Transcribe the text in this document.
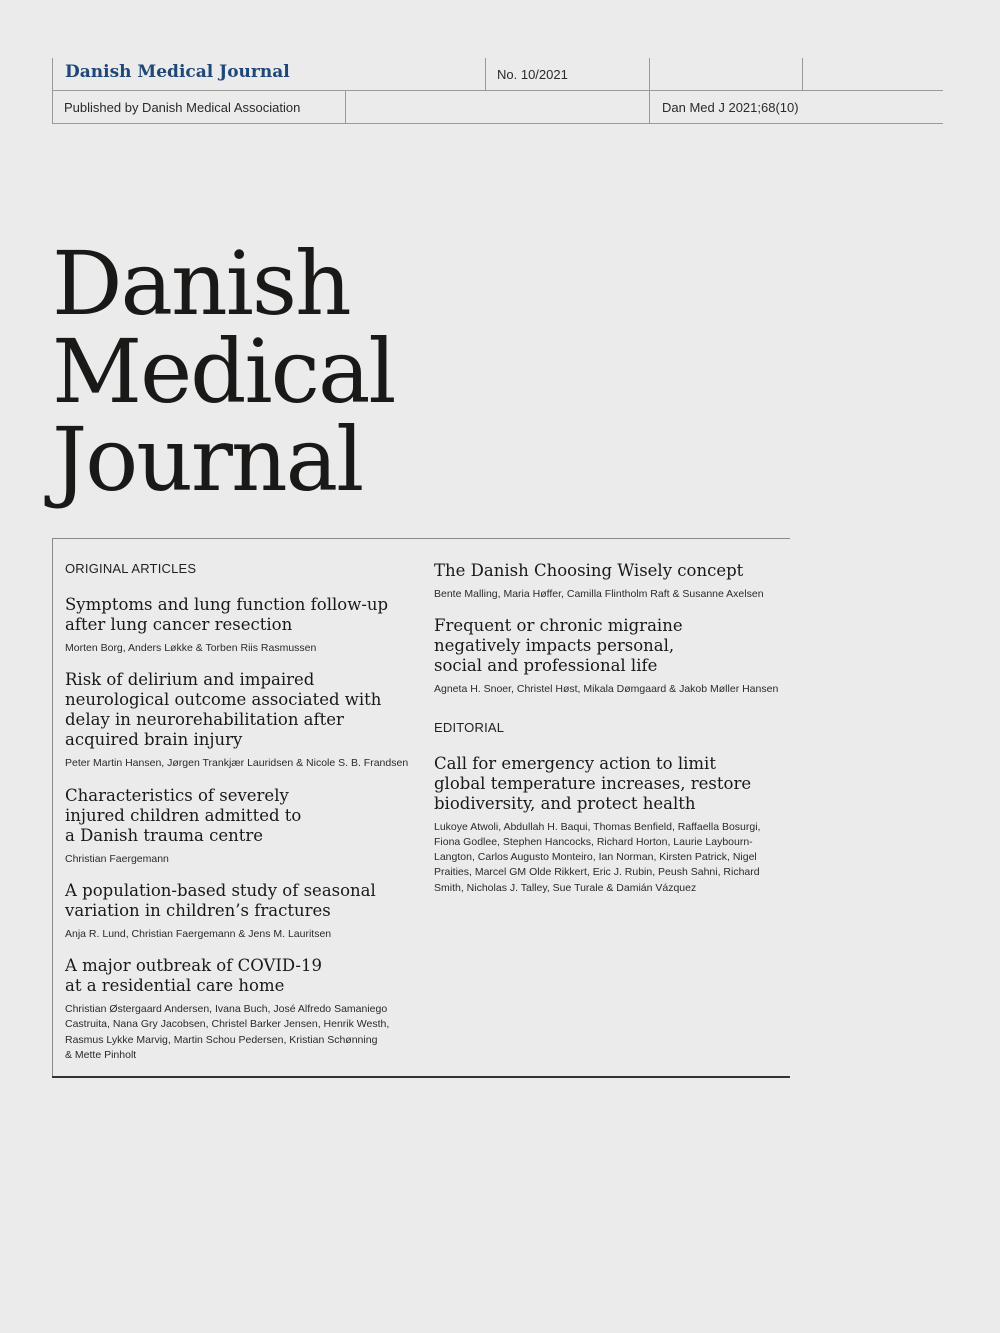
Danish Medical Journal	No. 10/2021
Published by Danish Medical Association	Dan Med J 2021;68(10)
Danish
Medical
Journal
ORIGINAL ARTICLES
Symptoms and lung function follow-up
after lung cancer resection
Morten Borg, Anders Løkke & Torben Riis Rasmussen
Risk of delirium and impaired
neurological outcome associated with
delay in neurorehabilitation after
acquired brain injury
Peter Martin Hansen, Jørgen Trankjær Lauridsen & Nicole S. B. Frandsen
Characteristics of severely
injured children admitted to
a Danish trauma centre
Christian Faergemann
A population-based study of seasonal
variation in children’s fractures
Anja R. Lund, Christian Faergemann & Jens M. Lauritsen
A major outbreak of COVID-19
at a residential care home
Christian Østergaard Andersen, Ivana Buch, José Alfredo Samaniego
Castruita, Nana Gry Jacobsen, Christel Barker Jensen, Henrik Westh,
Rasmus Lykke Marvig, Martin Schou Pedersen, Kristian Schønning
& Mette Pinholt
The Danish Choosing Wisely concept
Bente Malling, Maria Høffer, Camilla Flintholm Raft & Susanne Axelsen
Frequent or chronic migraine
negatively impacts personal,
social and professional life
Agneta H. Snoer, Christel Høst, Mikala Dømgaard & Jakob Møller Hansen
EDITORIAL
Call for emergency action to limit
global temperature increases, restore
biodiversity, and protect health
Lukoye Atwoli, Abdullah H. Baqui, Thomas Benfield, Raffaella Bosurgi,
Fiona Godlee, Stephen Hancocks, Richard Horton, Laurie Laybourn-
Langton, Carlos Augusto Monteiro, Ian Norman, Kirsten Patrick, Nigel
Praities, Marcel GM Olde Rikkert, Eric J. Rubin, Peush Sahni, Richard
Smith, Nicholas J. Talley, Sue Turale & Damián Vázquez
